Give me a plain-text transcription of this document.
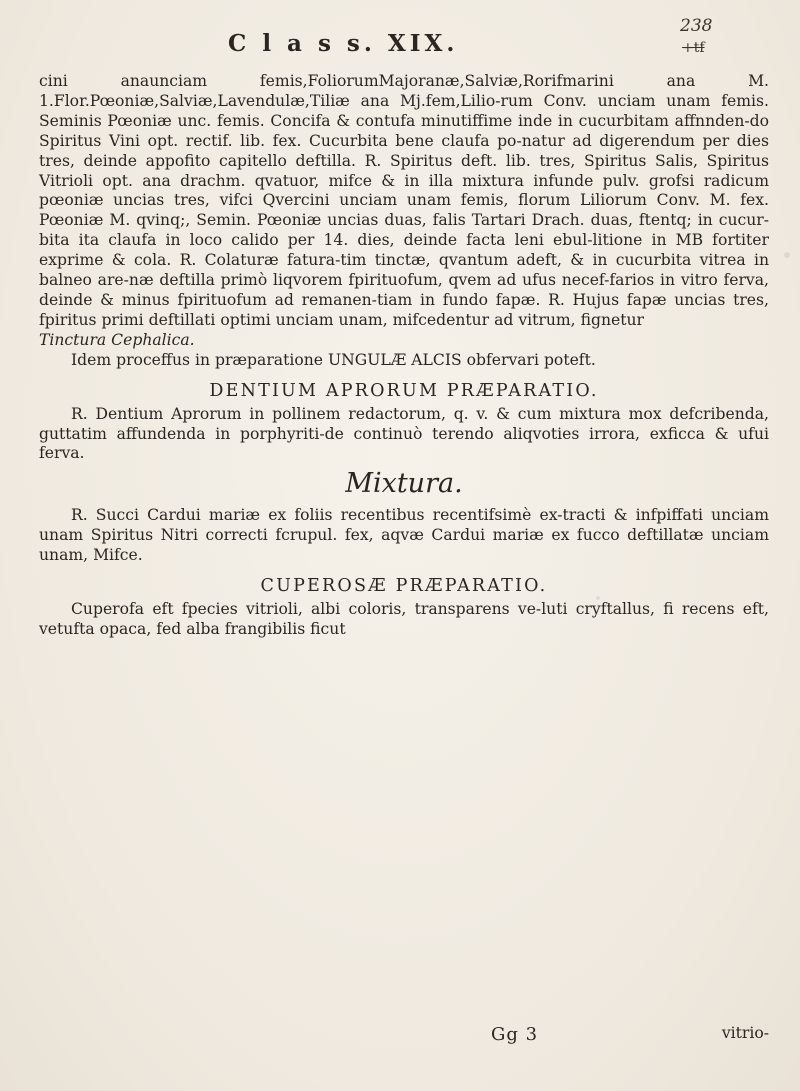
C l a s s. XIX.
238
+tf

cini anaunciam femis,FoliorumMajoranæ,Salviæ,Rorifmarini ana M. 1.Flor.Pœoniæ,Salviæ,Lavendulæ,Tiliæ ana Mj.fem,Lilio-rum Conv. unciam unam femis. Seminis Pœoniæ unc. femis. Concifa & contufa minutiffime inde in cucurbitam affnnden-do Spiritus Vini opt. rectif. lib. fex. Cucurbita bene claufa po-natur ad digerendum per dies tres, deinde appofito capitello deftilla. R. Spiritus deft. lib. tres, Spiritus Salis, Spiritus Vitrioli opt. ana drachm. qvatuor, mifce & in illa mixtura infunde pulv. grofsi radicum pœoniæ uncias tres, vifci Qvercini unciam unam femis, florum Liliorum Conv. M. fex. Pœoniæ M. qvinq;, Semin. Pœoniæ uncias duas, falis Tartari Drach. duas, ftentq; in cucur-bita ita claufa in loco calido per 14. dies, deinde facta leni ebul-litione in MB fortiter exprime & cola. R. Colaturæ fatura-tim tinctæ, qvantum adeft, & in cucurbita vitrea in balneo are-næ deftilla primò liqvorem fpirituofum, qvem ad ufus necef-farios in vitro ferva, deinde & minus fpirituofum ad remanen-tiam in fundo fapæ. R. Hujus fapæ uncias tres, fpiritus primi deftillati optimi unciam unam, mifcedentur ad vitrum, fignetur

Tinctura Cephalica.

Idem proceffus in præparatione UNGULÆ ALCIS obfervari poteft.

DENTIUM APRORUM PRÆPARATIO.

R. Dentium Aprorum in pollinem redactorum, q. v. & cum mixtura mox defcribenda, guttatim affundenda in porphyriti-de continuò terendo aliqvoties irrora, exficca & ufui ferva.

Mixtura.

R. Succi Cardui mariæ ex foliis recentibus recentifsimè ex-tracti & infpiffati unciam unam Spiritus Nitri correcti fcrupul. fex, aqvæ Cardui mariæ ex fucco deftillatæ unciam unam, Mifce.

CUPEROSÆ PRÆPARATIO.

Cuperofa eft fpecies vitrioli, albi coloris, transparens ve-luti cryftallus, fi recens eft, vetufta opaca, fed alba frangibilis ficut

Gg 3	vitrio-
